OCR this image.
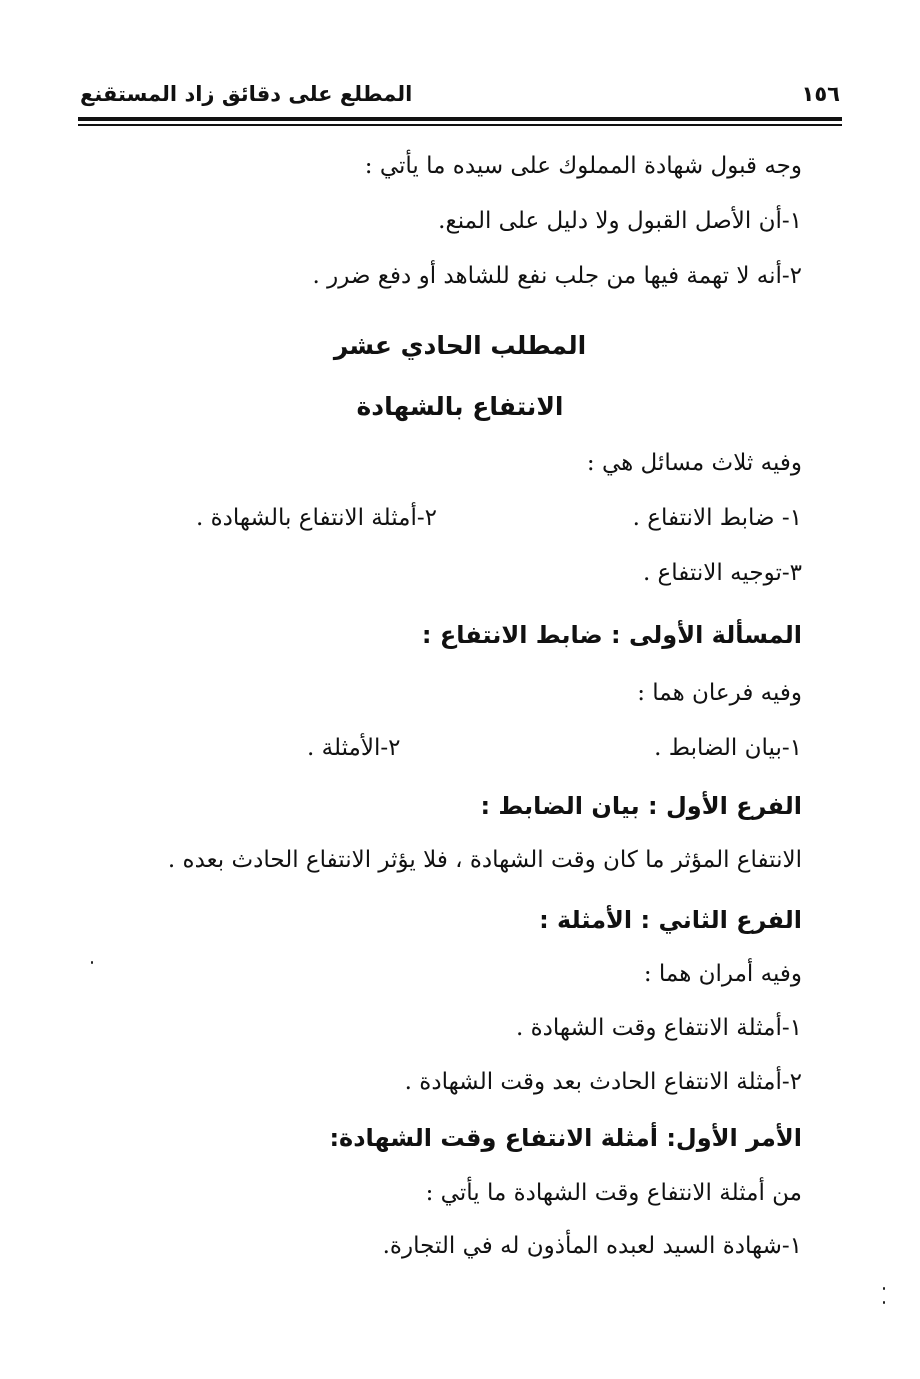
١٥٦
المطلع على دقائق زاد المستقنع
وجه قبول شهادة المملوك على سيده ما يأتي :
١-أن الأصل القبول ولا دليل على المنع.
٢-أنه لا تهمة فيها من جلب نفع للشاهد أو دفع ضرر .
المطلب الحادي عشر
الانتفاع بالشهادة
وفيه ثلاث مسائل هي :
١- ضابط الانتفاع .
٢-أمثلة الانتفاع بالشهادة .
٣-توجيه الانتفاع .
المسألة الأولى : ضابط الانتفاع :
وفيه فرعان هما :
١-بيان الضابط .
٢-الأمثلة .
الفرع الأول : بيان الضابط :
الانتفاع المؤثر ما كان وقت الشهادة ، فلا يؤثر الانتفاع الحادث بعده .
الفرع الثاني : الأمثلة :
وفيه أمران هما :
١-أمثلة الانتفاع وقت الشهادة .
٢-أمثلة الانتفاع الحادث بعد وقت الشهادة .
الأمر الأول: أمثلة الانتفاع وقت الشهادة:
من أمثلة الانتفاع وقت الشهادة ما يأتي :
١-شهادة السيد لعبده المأذون له في التجارة.
